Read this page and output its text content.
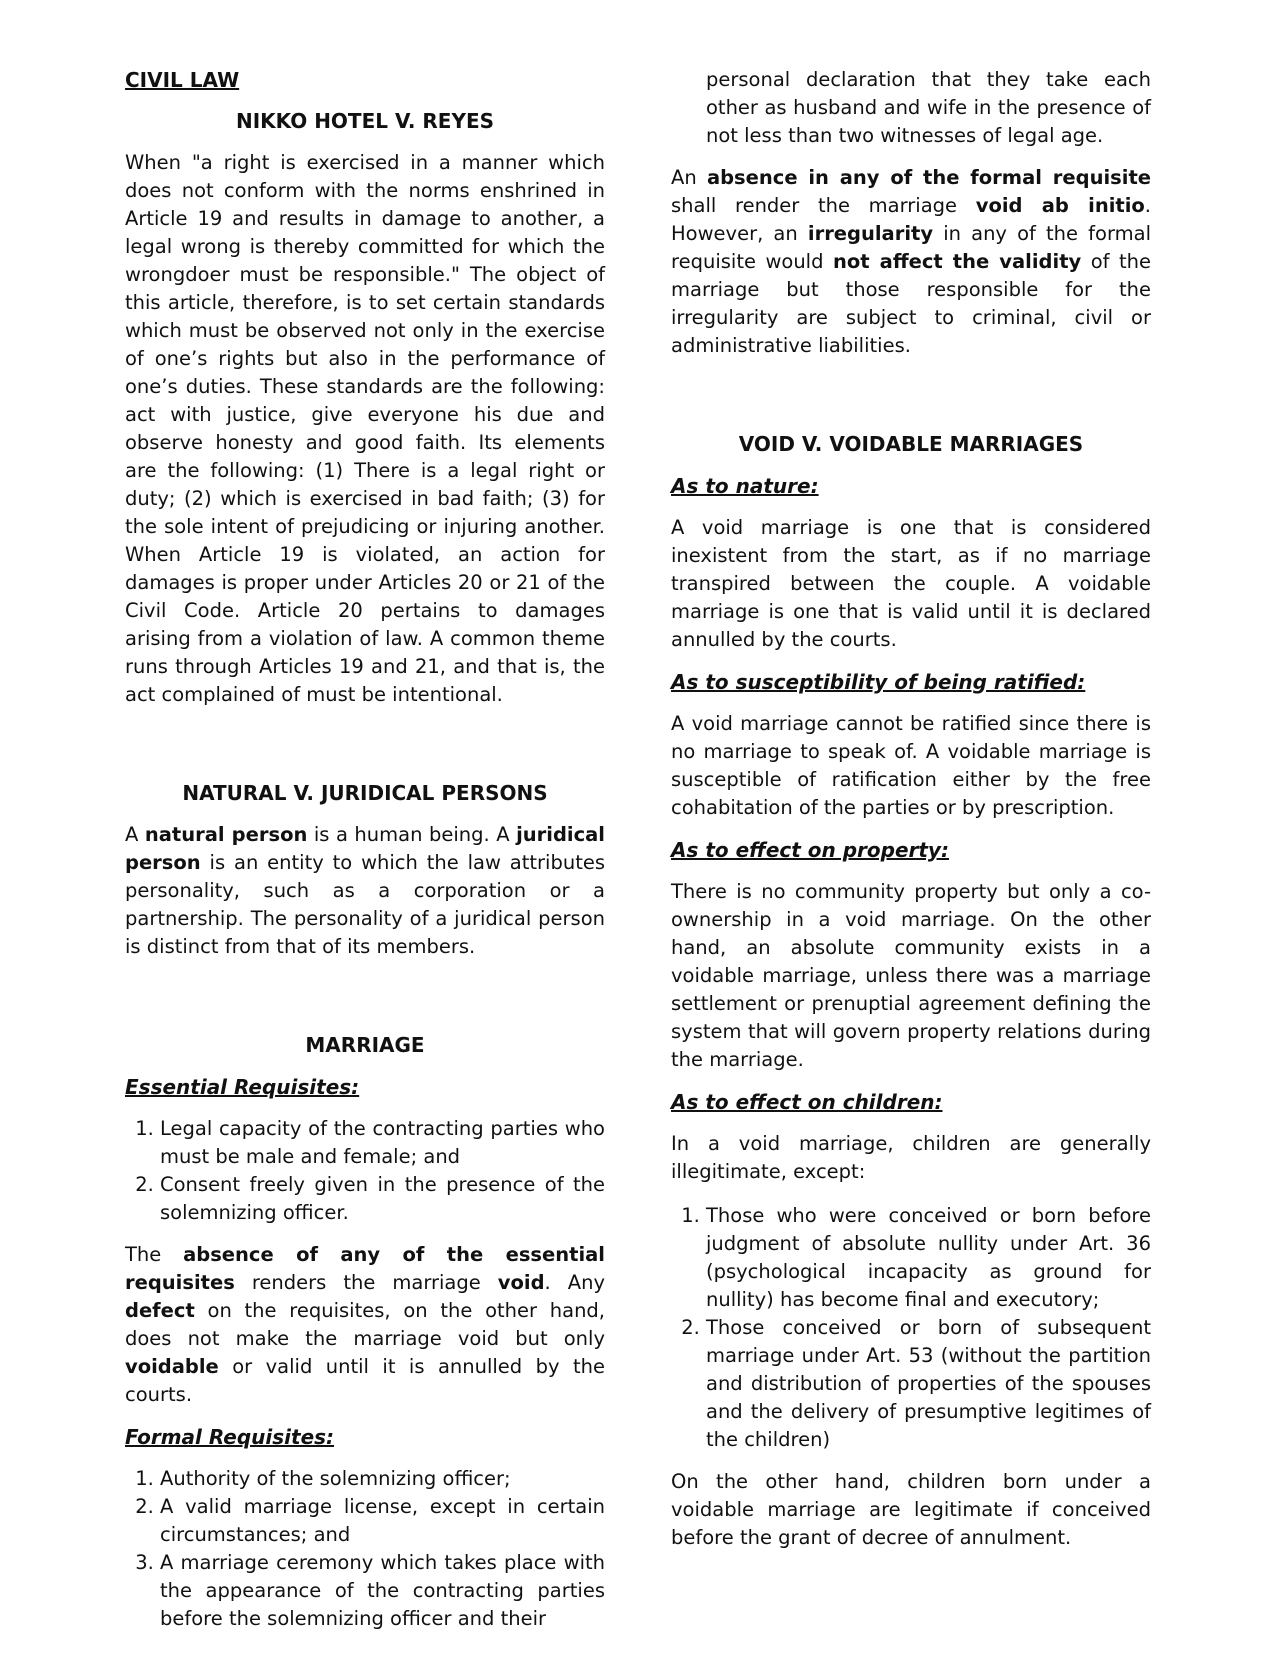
CIVIL LAW
NIKKO HOTEL V. REYES

When "a right is exercised in a manner which does not conform with the norms enshrined in Article 19 and results in damage to another, a legal wrong is thereby committed for which the wrongdoer must be responsible." The object of this article, therefore, is to set certain standards which must be observed not only in the exercise of one’s rights but also in the performance of one’s duties. These standards are the following: act with justice, give everyone his due and observe honesty and good faith. Its elements are the following: (1) There is a legal right or duty; (2) which is exercised in bad faith; (3) for the sole intent of prejudicing or injuring another. When Article 19 is violated, an action for damages is proper under Articles 20 or 21 of the Civil Code. Article 20 pertains to damages arising from a violation of law. A common theme runs through Articles 19 and 21, and that is, the act complained of must be intentional.

NATURAL V. JURIDICAL PERSONS

A natural person is a human being. A juridical person is an entity to which the law attributes personality, such as a corporation or a partnership. The personality of a juridical person is distinct from that of its members.

MARRIAGE
Essential Requisites:
1. Legal capacity of the contracting parties who must be male and female; and
2. Consent freely given in the presence of the solemnizing officer.

The absence of any of the essential requisites renders the marriage void. Any defect on the requisites, on the other hand, does not make the marriage void but only voidable or valid until it is annulled by the courts.

Formal Requisites:
1. Authority of the solemnizing officer;
2. A valid marriage license, except in certain circumstances; and
3. A marriage ceremony which takes place with the appearance of the contracting parties before the solemnizing officer and their

personal declaration that they take each other as husband and wife in the presence of not less than two witnesses of legal age.

An absence in any of the formal requisite shall render the marriage void ab initio. However, an irregularity in any of the formal requisite would not affect the validity of the marriage but those responsible for the irregularity are subject to criminal, civil or administrative liabilities.

VOID V. VOIDABLE MARRIAGES
As to nature:

A void marriage is one that is considered inexistent from the start, as if no marriage transpired between the couple. A voidable marriage is one that is valid until it is declared annulled by the courts.

As to susceptibility of being ratified:

A void marriage cannot be ratified since there is no marriage to speak of. A voidable marriage is susceptible of ratification either by the free cohabitation of the parties or by prescription.

As to effect on property:

There is no community property but only a co-ownership in a void marriage. On the other hand, an absolute community exists in a voidable marriage, unless there was a marriage settlement or prenuptial agreement defining the system that will govern property relations during the marriage.

As to effect on children:

In a void marriage, children are generally illegitimate, except:

1. Those who were conceived or born before judgment of absolute nullity under Art. 36 (psychological incapacity as ground for nullity) has become final and executory;
2. Those conceived or born of subsequent marriage under Art. 53 (without the partition and distribution of properties of the spouses and the delivery of presumptive legitimes of the children)

On the other hand, children born under a voidable marriage are legitimate if conceived before the grant of decree of annulment.
